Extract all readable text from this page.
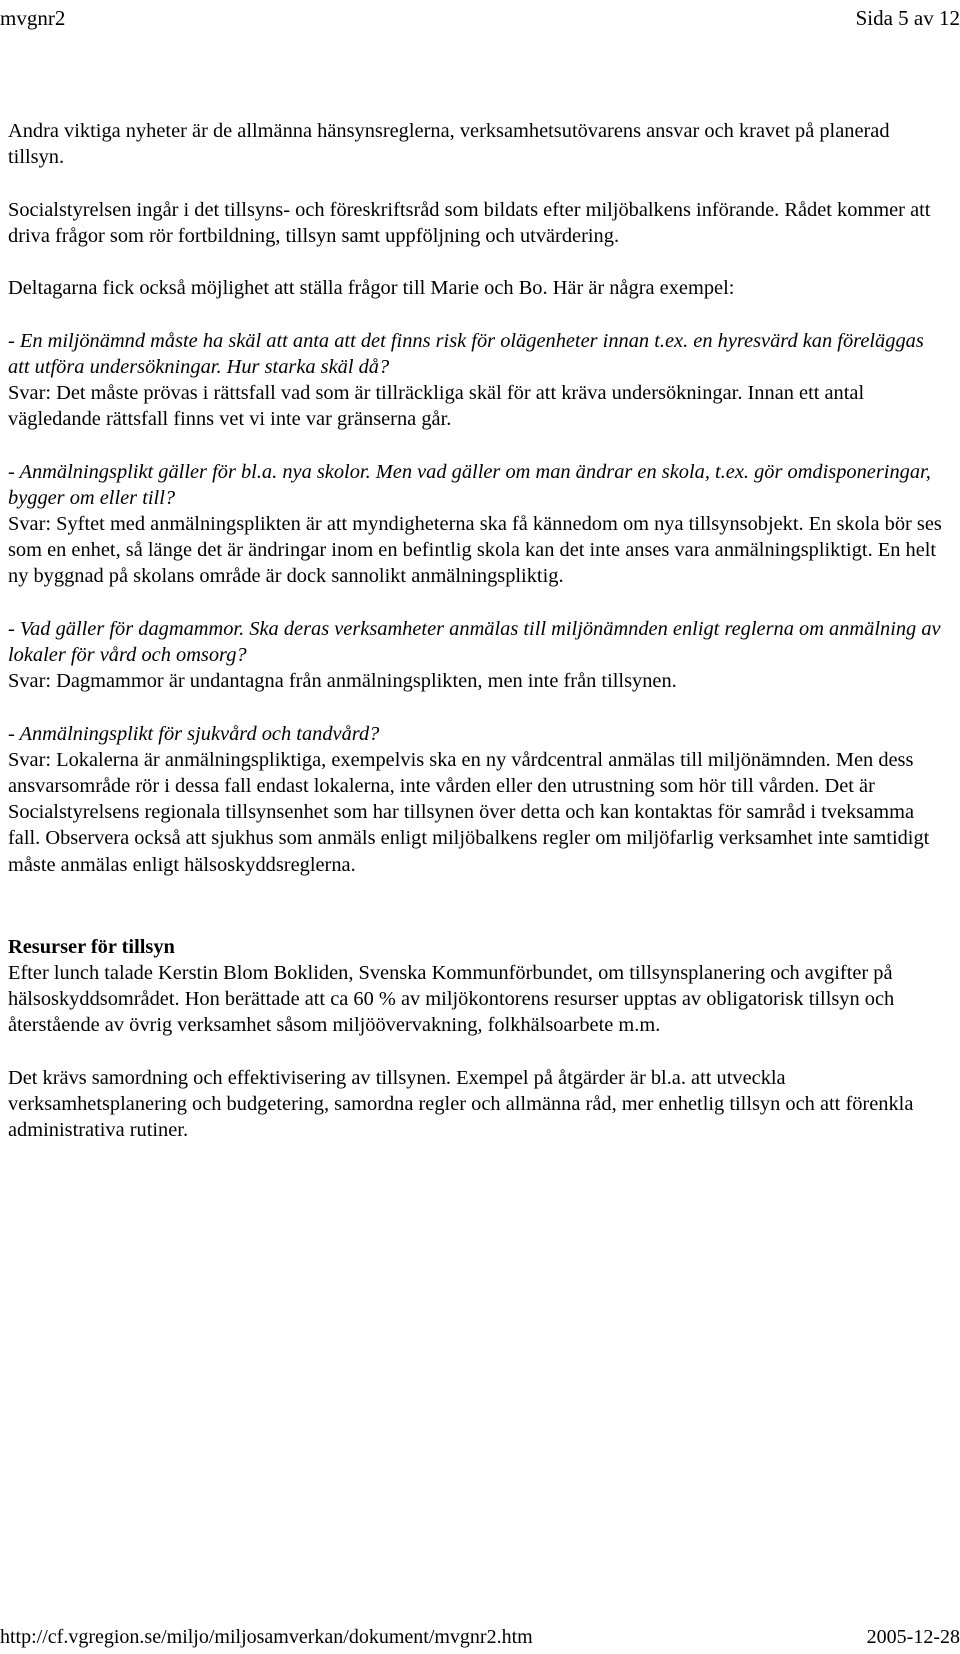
mvgnr2	Sida 5 av 12

Andra viktiga nyheter är de allmänna hänsynsreglerna, verksamhetsutövarens ansvar och kravet på planerad tillsyn.

Socialstyrelsen ingår i det tillsyns- och föreskriftsråd som bildats efter miljöbalkens införande. Rådet kommer att driva frågor som rör fortbildning, tillsyn samt uppföljning och utvärdering.

Deltagarna fick också möjlighet att ställa frågor till Marie och Bo. Här är några exempel:

- En miljönämnd måste ha skäl att anta att det finns risk för olägenheter innan t.ex. en hyresvärd kan föreläggas att utföra undersökningar. Hur starka skäl då?

Svar: Det måste prövas i rättsfall vad som är tillräckliga skäl för att kräva undersökningar. Innan ett antal vägledande rättsfall finns vet vi inte var gränserna går.

- Anmälningsplikt gäller för bl.a. nya skolor. Men vad gäller om man ändrar en skola, t.ex. gör omdisponeringar, bygger om eller till?

Svar: Syftet med anmälningsplikten är att myndigheterna ska få kännedom om nya tillsynsobjekt. En skola bör ses som en enhet, så länge det är ändringar inom en befintlig skola kan det inte anses vara anmälningspliktigt. En helt ny byggnad på skolans område är dock sannolikt anmälningspliktig.

- Vad gäller för dagmammor. Ska deras verksamheter anmälas till miljönämnden enligt reglerna om anmälning av lokaler för vård och omsorg?

Svar: Dagmammor är undantagna från anmälningsplikten, men inte från tillsynen.

- Anmälningsplikt för sjukvård och tandvård?

Svar: Lokalerna är anmälningspliktiga, exempelvis ska en ny vårdcentral anmälas till miljönämnden. Men dess ansvarsområde rör i dessa fall endast lokalerna, inte vården eller den utrustning som hör till vården. Det är Socialstyrelsens regionala tillsynsenhet som har tillsynen över detta och kan kontaktas för samråd i tveksamma fall. Observera också att sjukhus som anmäls enligt miljöbalkens regler om miljöfarlig verksamhet inte samtidigt måste anmälas enligt hälsoskyddsreglerna.

Resurser för tillsyn

Efter lunch talade Kerstin Blom Bokliden, Svenska Kommunförbundet, om tillsynsplanering och avgifter på hälsoskyddsområdet. Hon berättade att ca 60 % av miljökontorens resurser upptas av obligatorisk tillsyn och återstående av övrig verksamhet såsom miljöövervakning, folkhälsoarbete m.m.

Det krävs samordning och effektivisering av tillsynen. Exempel på åtgärder är bl.a. att utveckla verksamhetsplanering och budgetering, samordna regler och allmänna råd, mer enhetlig tillsyn och att förenkla administrativa rutiner.

http://cf.vgregion.se/miljo/miljosamverkan/dokument/mvgnr2.htm	2005-12-28
